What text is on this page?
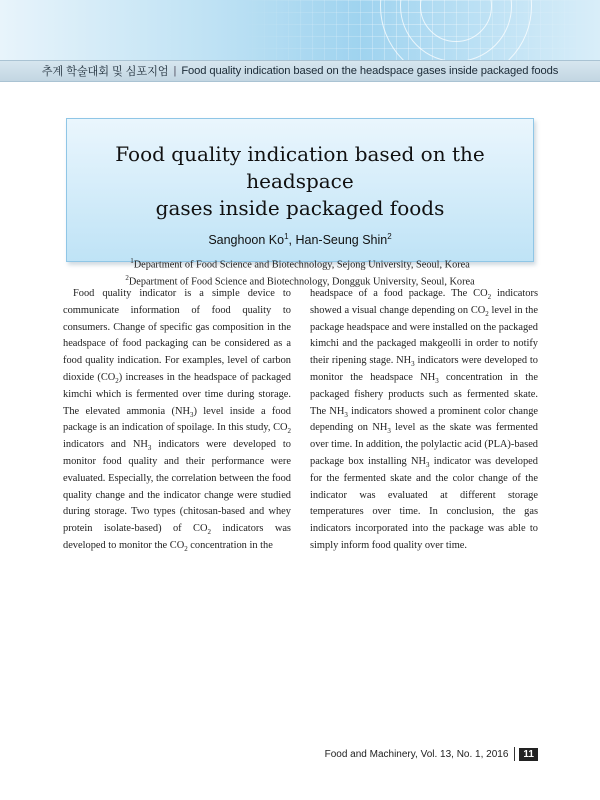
추계 학술대회 및 심포지엄 | Food quality indication based on the headspace gases inside packaged foods
Food quality indication based on the headspace
gases inside packaged foods
Sanghoon Ko$^1$, Han-Seung Shin$^2$
$^1$Department of Food Science and Biotechnology, Sejong University, Seoul, Korea
$^2$Department of Food Science and Biotechnology, Dongguk University, Seoul, Korea
Food quality indicator is a simple device to communicate information of food quality to consumers. Change of specific gas composition in the headspace of food packaging can be considered as a food quality indication. For examples, level of carbon dioxide $(CO_2)$ increases in the headspace of packaged kimchi which is fermented over time during storage. The elevated ammonia $(NH_3)$ level inside a food package is an indication of spoilage. In this study, $CO_2$ indicators and $NH_3$ indicators were developed to monitor food quality and their performance were evaluated. Especially, the correlation between the food quality change and the indicator change were studied during storage. Two types (chitosan-based and whey protein isolate-based) of $CO_2$ indicators was developed to monitor the $CO_2$ concentration in the
headspace of a food package. The $CO_2$ indicators showed a visual change depending on $CO_2$ level in the package headspace and were installed on the packaged kimchi and the packaged makgeolli in order to notify their ripening stage. $NH_3$ indicators were developed to monitor the headspace $NH_3$ concentration in the packaged fishery products such as fermented skate. The $NH_3$ indicators showed a prominent color change depending on $NH_3$ level as the skate was fermented over time. In addition, the polylactic acid (PLA)-based package box installing $NH_3$ indicator was developed for the fermented skate and the color change of the indicator was evaluated at different storage temperatures over time. In conclusion, the gas indicators incorporated into the package was able to simply inform food quality over time.
Food and Machinery, Vol. 13, No. 1, 2016	11
